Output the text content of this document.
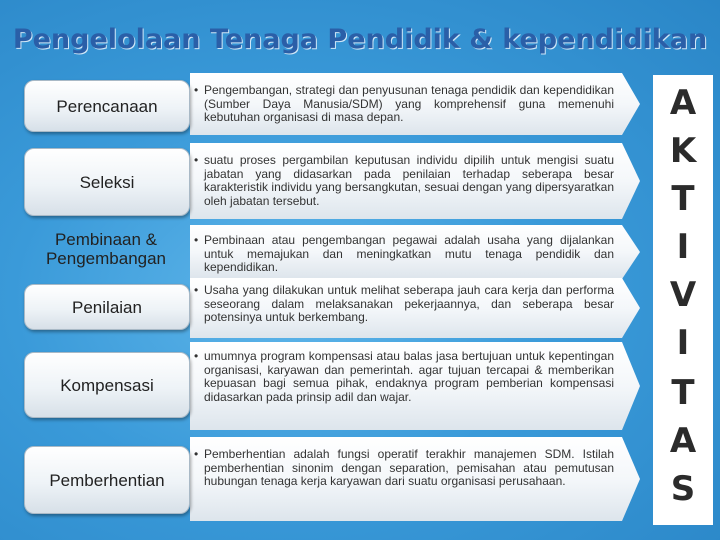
Pengelolaan Tenaga Pendidik & kependidikan
Perencanaan
• Pengembangan, strategi dan penyusunan tenaga pendidik dan kependidikan (Sumber Daya Manusia/SDM) yang komprehensif guna memenuhi kebutuhan organisasi di masa depan.
Seleksi
• suatu proses pergambilan keputusan individu dipilih untuk mengisi suatu jabatan yang didasarkan pada penilaian terhadap seberapa besar karakteristik individu yang bersangkutan, sesuai dengan yang dipersyaratkan oleh jabatan tersebut.
Pembinaan & Pengembangan
• Pembinaan atau pengembangan pegawai adalah usaha yang dijalankan untuk memajukan dan meningkatkan mutu tenaga pendidik dan kependidikan.
Penilaian
• Usaha yang dilakukan untuk melihat seberapa jauh cara kerja dan performa seseorang dalam melaksanakan pekerjaannya, dan seberapa besar potensinya untuk berkembang.
Kompensasi
• umumnya program kompensasi atau balas jasa bertujuan untuk kepentingan organisasi, karyawan dan pemerintah. agar tujuan tercapai & memberikan kepuasan bagi semua pihak, endaknya program pemberian kompensasi didasarkan pada prinsip adil dan wajar.
Pemberhentian
• Pemberhentian adalah fungsi operatif terakhir manajemen SDM. Istilah pemberhentian sinonim dengan separation, pemisahan atau pemutusan hubungan tenaga kerja karyawan dari suatu organisasi perusahaan.
A
K
T
I
V
I
T
A
S
